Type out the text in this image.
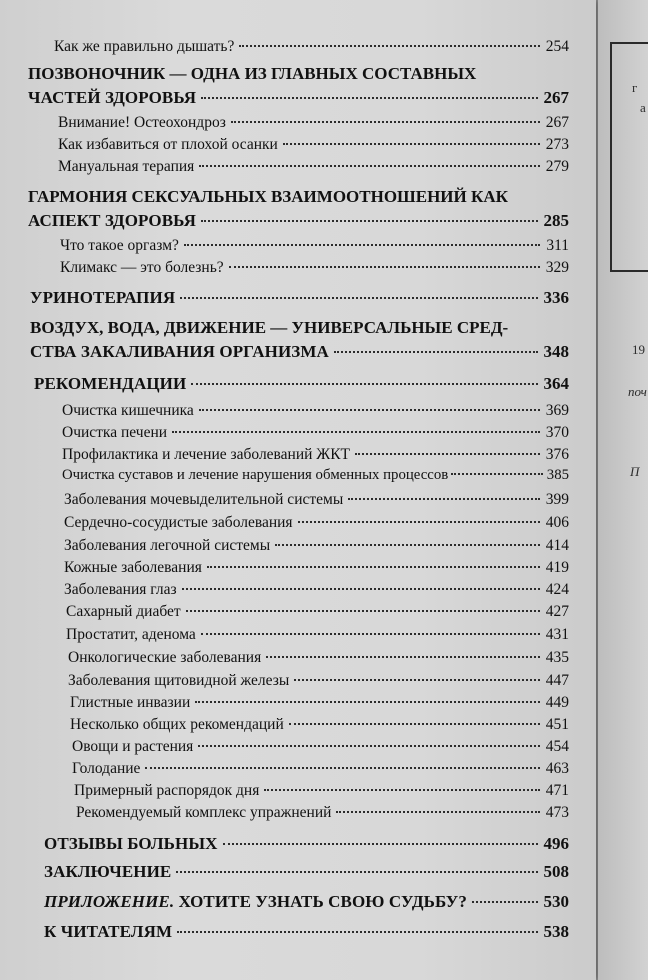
г
а
19
поч
П
Как же правильно дышать?	254
ПОЗВОНОЧНИК — ОДНА ИЗ ГЛАВНЫХ СОСТАВНЫХ
ЧАСТЕЙ ЗДОРОВЬЯ	267
Внимание! Остеохондроз	267
Как избавиться от плохой осанки	273
Мануальная терапия	279
ГАРМОНИЯ СЕКСУАЛЬНЫХ ВЗАИМООТНОШЕНИЙ КАК
АСПЕКТ ЗДОРОВЬЯ	285
Что такое оргазм?	311
Климакс — это болезнь?	329
УРИНОТЕРАПИЯ	336
ВОЗДУХ, ВОДА, ДВИЖЕНИЕ — УНИВЕРСАЛЬНЫЕ СРЕД-
СТВА ЗАКАЛИВАНИЯ ОРГАНИЗМА	348
РЕКОМЕНДАЦИИ	364
Очистка кишечника	369
Очистка печени	370
Профилактика и лечение заболеваний ЖКТ	376
Очистка суставов и лечение нарушения обменных процессов	385
Заболевания мочевыделительной системы	399
Сердечно-сосудистые заболевания	406
Заболевания легочной системы	414
Кожные заболевания	419
Заболевания глаз	424
Сахарный диабет	427
Простатит, аденома	431
Онкологические заболевания	435
Заболевания щитовидной железы	447
Глистные инвазии	449
Несколько общих рекомендаций	451
Овощи и растения	454
Голодание	463
Примерный распорядок дня	471
Рекомендуемый комплекс упражнений	473
ОТЗЫВЫ БОЛЬНЫХ	496
ЗАКЛЮЧЕНИЕ	508
ПРИЛОЖЕНИЕ. ХОТИТЕ УЗНАТЬ СВОЮ СУДЬБУ?	530
К ЧИТАТЕЛЯМ	538
